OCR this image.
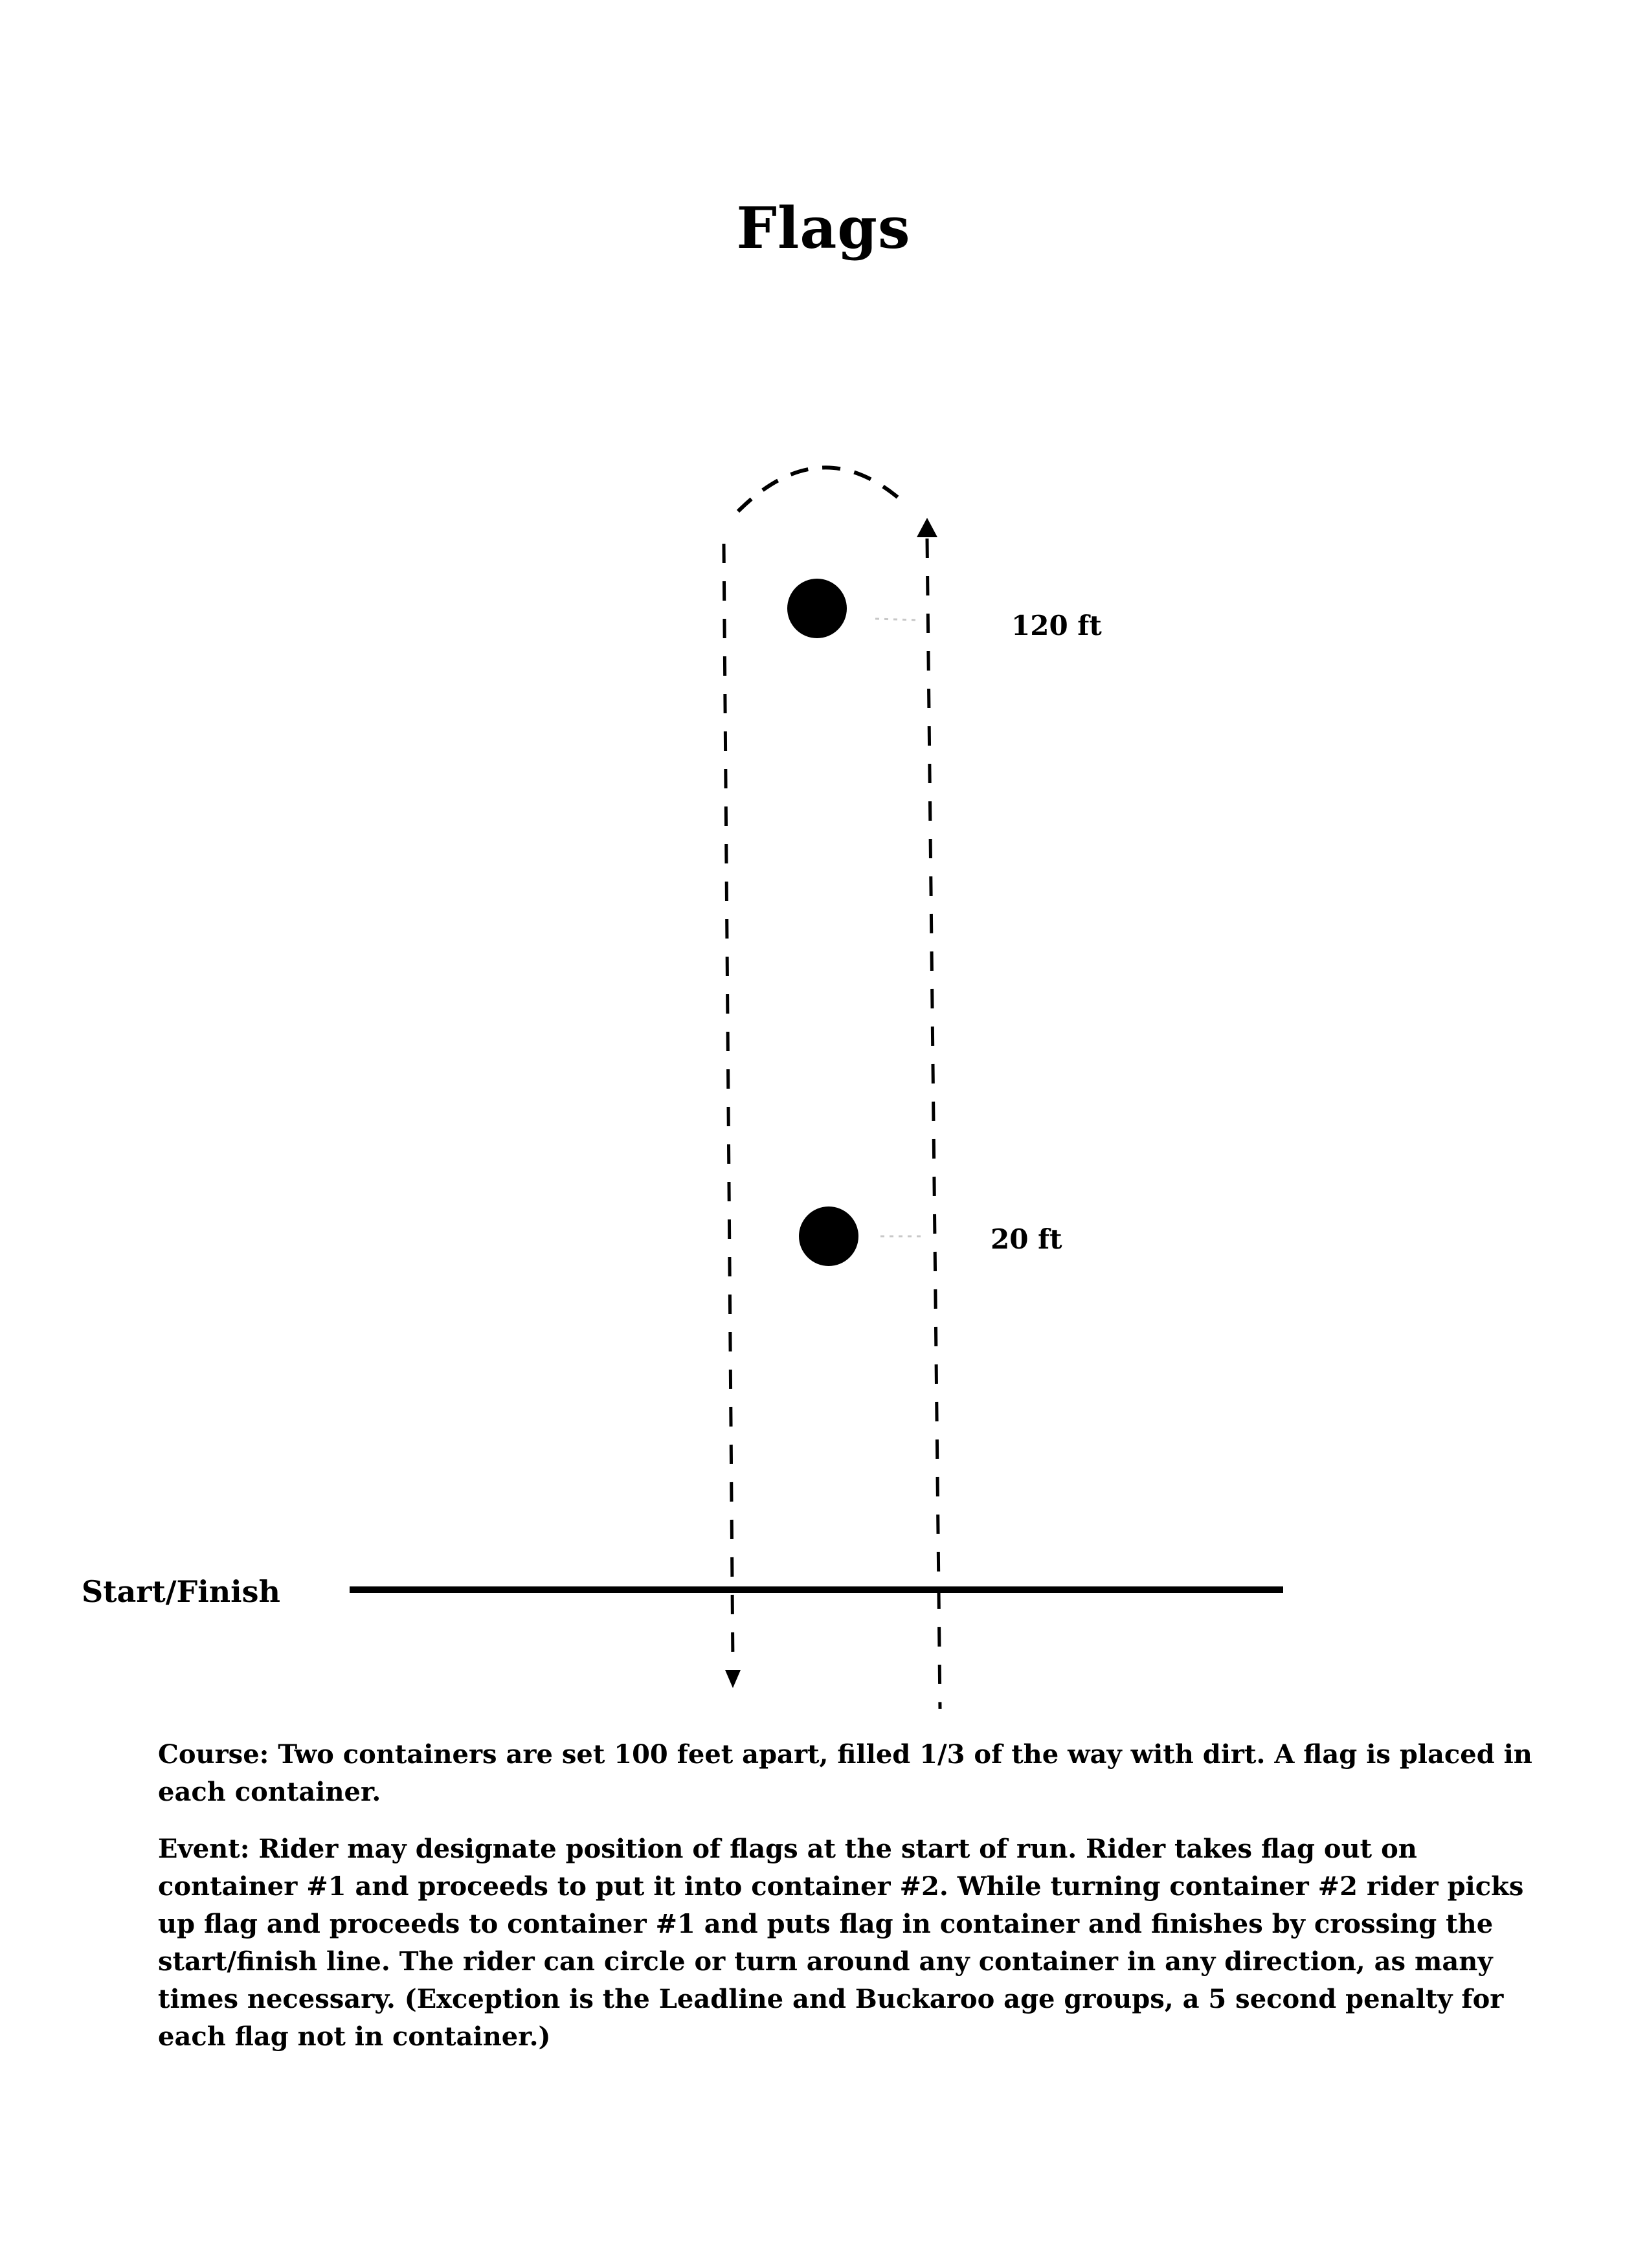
Flags
120 ft
20 ft
Start/Finish

Course: Two containers are set 100 feet apart, filled 1/3 of the way with dirt. A flag is placed in each container.

Event: Rider may designate position of flags at the start of run. Rider takes flag out on container #1 and proceeds to put it into container #2. While turning container #2 rider picks up flag and proceeds to container #1 and puts flag in container and finishes by crossing the start/finish line. The rider can circle or turn around any container in any direction, as many times necessary. (Exception is the Leadline and Buckaroo age groups, a 5 second penalty for each flag not in container.)
